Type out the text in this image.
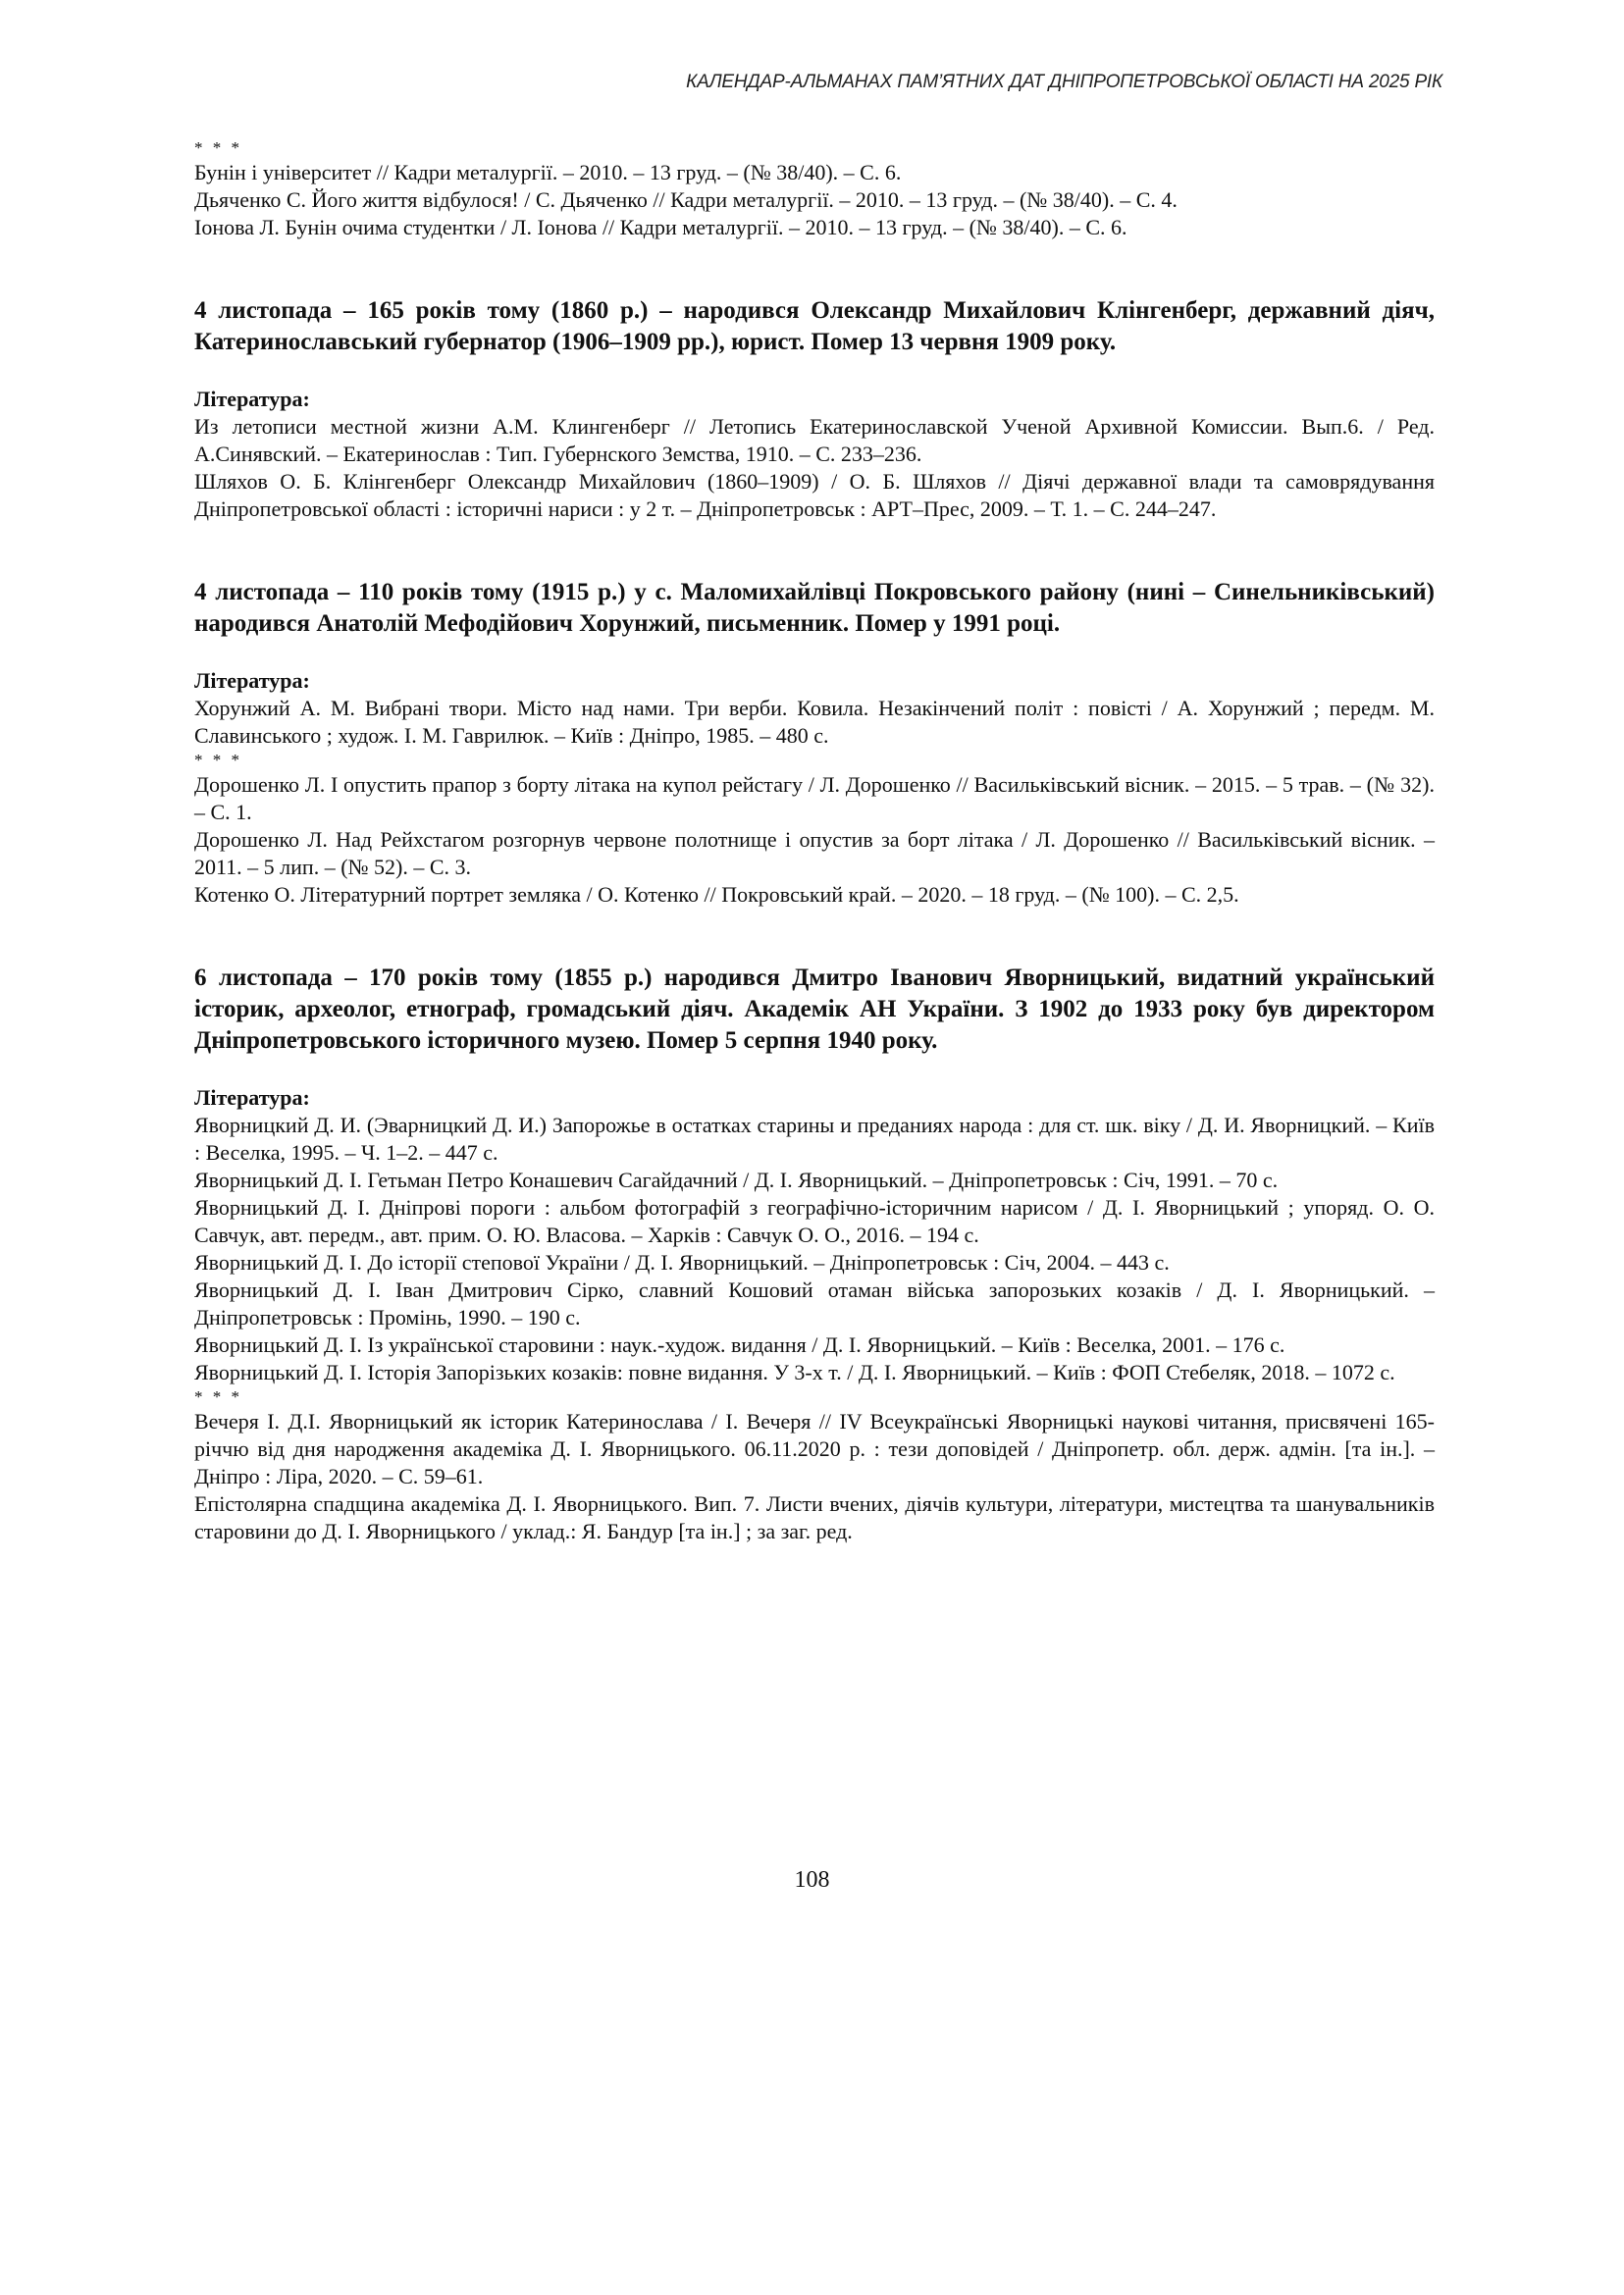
КАЛЕНДАР-АЛЬМАНАХ ПАМ’ЯТНИХ ДАТ ДНІПРОПЕТРОВСЬКОЇ ОБЛАСТІ НА 2025 РІК

* * *

Бунін і університет // Кадри металургії. – 2010. – 13 груд. – (№ 38/40). – С. 6.

Дьяченко С. Його життя відбулося! / С. Дьяченко // Кадри металургії. – 2010. – 13 груд. – (№ 38/40). – С. 4.

Іонова Л. Бунін очима студентки / Л. Іонова // Кадри металургії. – 2010. – 13 груд. – (№ 38/40). – С. 6.

4 листопада – 165 років тому (1860 р.) – народився Олександр Михайлович Клінгенберг, державний діяч, Катеринославський губернатор (1906–1909 рр.), юрист. Помер 13 червня 1909 року.

Література:

Из летописи местной жизни А.М. Клингенберг // Летопись Екатеринославской Ученой Архивной Комиссии. Вып.6. / Ред. А.Синявский. – Екатеринослав : Тип. Губернского Земства, 1910. – С. 233–236.

Шляхов О. Б. Клінгенберг Олександр Михайлович (1860–1909) / О. Б. Шляхов // Діячі державної влади та самоврядування Дніпропетровської області : історичні нариси : у 2 т. – Дніпропетровськ : АРТ–Прес, 2009. – Т. 1. – С. 244–247.

4 листопада – 110 років тому (1915 р.) у с. Маломихайлівці Покровського району (нині – Синельниківський) народився Анатолій Мефодійович Хорунжий, письменник. Помер у 1991 році.

Література:

Хорунжий А. М. Вибрані твори. Місто над нами. Три верби. Ковила. Незакінчений політ : повісті / А. Хорунжий ; передм. М. Славинського ; худож. І. М. Гаврилюк. – Київ : Дніпро, 1985. – 480 с.

* * *

Дорошенко Л. І опустить прапор з борту літака на купол рейстагу / Л. Дорошенко // Васильківський вісник. – 2015. – 5 трав. – (№ 32). – С. 1.

Дорошенко Л. Над Рейхстагом розгорнув червоне полотнище і опустив за борт літака / Л. Дорошенко // Васильківський вісник. – 2011. – 5 лип. – (№ 52). – С. 3.

Котенко О. Літературний портрет земляка / О. Котенко // Покровський край. – 2020. – 18 груд. – (№ 100). – С. 2,5.

6 листопада – 170 років тому (1855 р.) народився Дмитро Іванович Яворницький, видатний український історик, археолог, етнограф, громадський діяч. Академік АН України. З 1902 до 1933 року був директором Дніпропетровського історичного музею. Помер 5 серпня 1940 року.

Література:

Яворницкий Д. И. (Эварницкий Д. И.) Запорожье в остатках старины и преданиях народа : для ст. шк. віку / Д. И. Яворницкий. – Київ : Веселка, 1995. – Ч. 1–2. – 447 с.

Яворницький Д. І. Гетьман Петро Конашевич Сагайдачний / Д. І. Яворницький. – Дніпропетровськ : Січ, 1991. – 70 с.

Яворницький Д. І. Дніпрові пороги : альбом фотографій з географічно-історичним нарисом / Д. І. Яворницький ; упоряд. О. О. Савчук, авт. передм., авт. прим. О. Ю. Власова. – Харків : Савчук О. О., 2016. – 194 с.

Яворницький Д. І. До історії степової України / Д. І. Яворницький. – Дніпропетровськ : Січ, 2004. – 443 с.

Яворницький Д. І. Іван Дмитрович Сірко, славний Кошовий отаман війська запорозьких козаків / Д. І. Яворницький. – Дніпропетровськ : Промінь, 1990. – 190 с.

Яворницький Д. І. Із української старовини : наук.-худож. видання / Д. І. Яворницький. – Київ : Веселка, 2001. – 176 с.

Яворницький Д. І. Історія Запорізьких козаків: повне видання. У 3-х т. / Д. І. Яворницький. – Київ : ФОП Стебеляк, 2018. – 1072 с.

* * *

Вечеря І. Д.І. Яворницький як історик Катеринослава / І. Вечеря // IV Всеукраїнські Яворницькі наукові читання, присвячені 165-річчю від дня народження академіка Д. І. Яворницького. 06.11.2020 р. : тези доповідей / Дніпропетр. обл. держ. адмін. [та ін.]. – Дніпро : Ліра, 2020. – С. 59–61.

Епістолярна спадщина академіка Д. І. Яворницького. Вип. 7. Листи вчених, діячів культури, літератури, мистецтва та шанувальників старовини до Д. І. Яворницького / уклад.: Я. Бандур [та ін.] ; за заг. ред.

108
